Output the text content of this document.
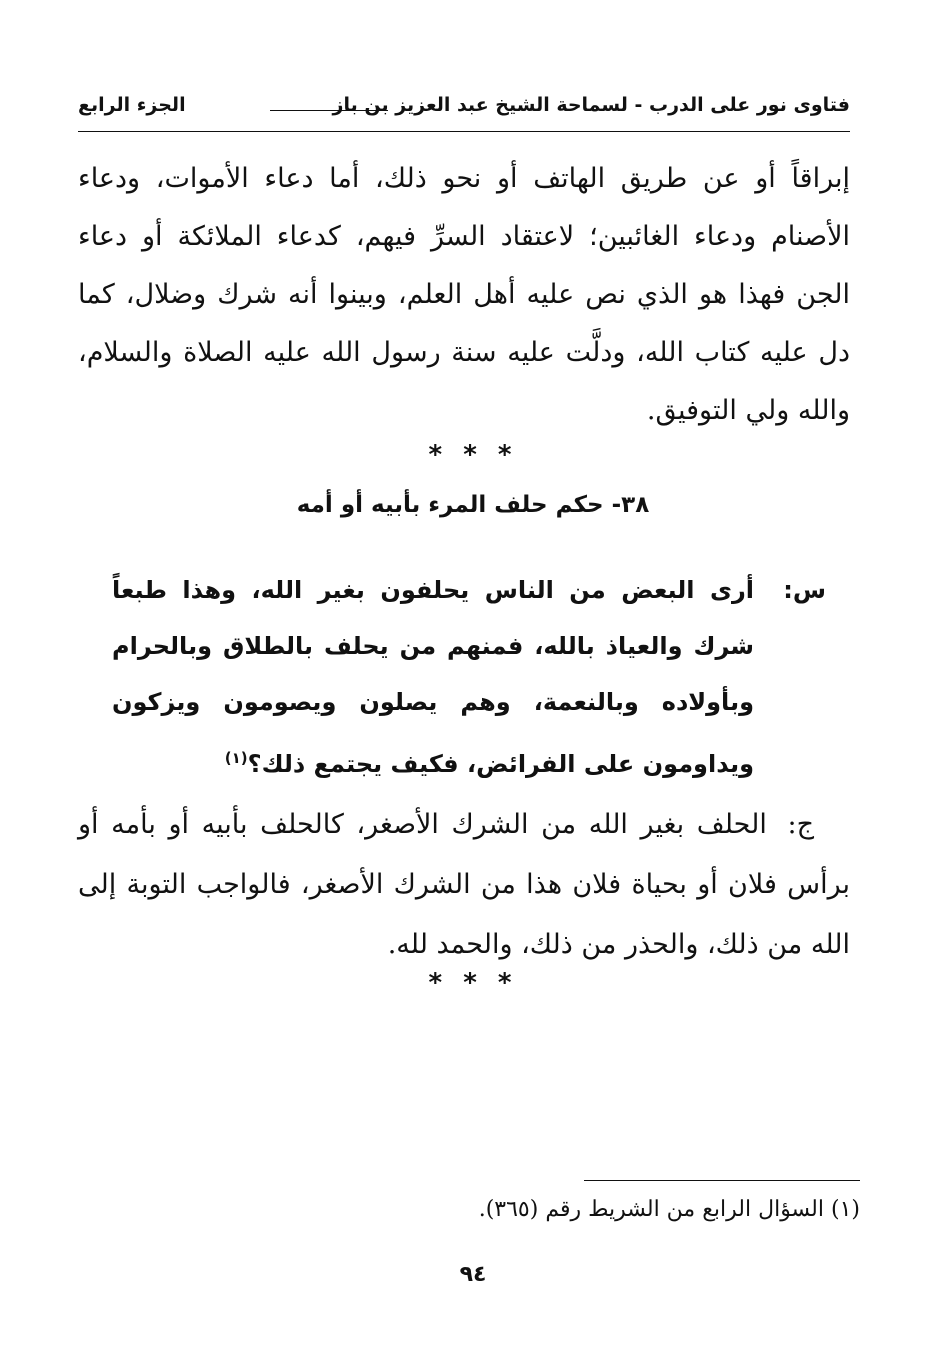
فتاوى نور على الدرب - لسماحة الشيخ عبد العزيز بن باز
الجزء الرابع

إبراقاً أو عن طريق الهاتف أو نحو ذلك، أما دعاء الأموات، ودعاء الأصنام ودعاء الغائبين؛ لاعتقاد السرِّ فيهم، كدعاء الملائكة أو دعاء الجن فهذا هو الذي نص عليه أهل العلم، وبينوا أنه شرك وضلال، كما دل عليه كتاب الله، ودلَّت عليه سنة رسول الله عليه الصلاة والسلام، والله ولي التوفيق.

* * *
٣٨- حكم حلف المرء بأبيه أو أمه
س:
أرى البعض من الناس يحلفون بغير الله، وهذا طبعاً شرك والعياذ بالله، فمنهم من يحلف بالطلاق وبالحرام وبأولاده وبالنعمة، وهم يصلون ويصومون ويزكون ويداومون على الفرائض، فكيف يجتمع ذلك؟$^{(١)}$
ج: الحلف بغير الله من الشرك الأصغر، كالحلف بأبيه أو بأمه أو برأس فلان أو بحياة فلان هذا من الشرك الأصغر، فالواجب التوبة إلى الله من ذلك، والحذر من ذلك، والحمد لله.
* * *
(١) السؤال الرابع من الشريط رقم (٣٦٥).
٩٤
